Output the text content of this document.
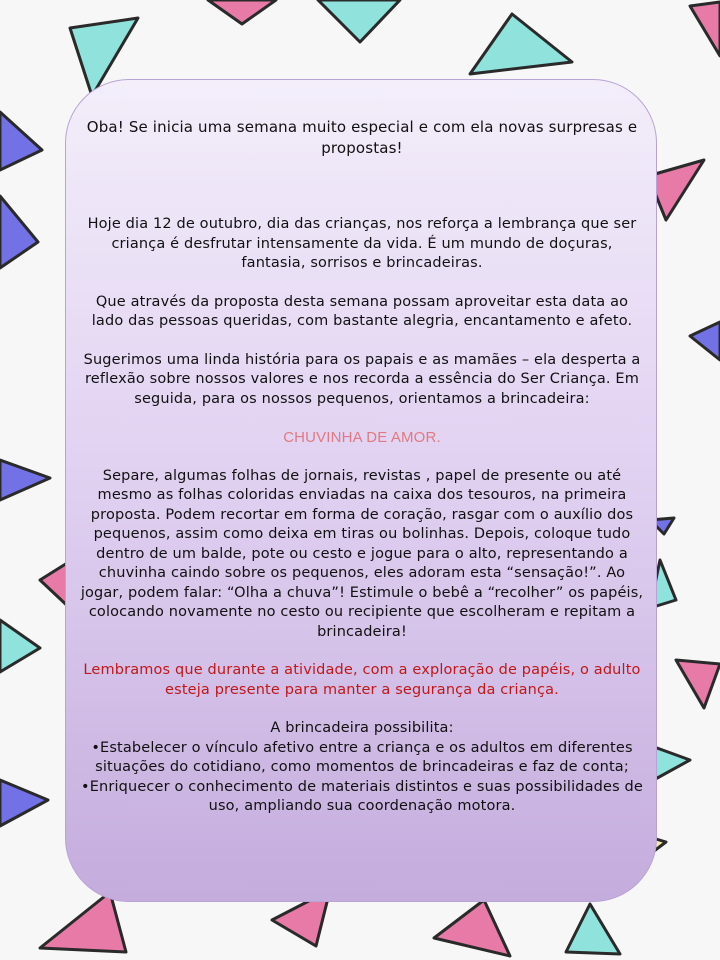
Oba! Se inicia uma semana muito especial e com ela novas surpresas e propostas!

Hoje dia 12 de outubro, dia das crianças, nos reforça a lembrança que ser criança é desfrutar intensamente da vida. É um mundo de doçuras, fantasia, sorrisos e brincadeiras.

Que através da proposta desta semana possam aproveitar esta data ao lado das pessoas queridas, com bastante alegria, encantamento e afeto.

Sugerimos uma linda história para os papais e as mamães – ela desperta a reflexão sobre nossos valores e nos recorda a essência do Ser Criança. Em seguida, para os nossos pequenos, orientamos a brincadeira:

CHUVINHA DE AMOR.

Separe, algumas folhas de jornais, revistas , papel de presente ou até mesmo as folhas coloridas enviadas na caixa dos tesouros, na primeira proposta. Podem recortar em forma de coração, rasgar com o auxílio dos pequenos, assim como deixa em tiras ou bolinhas. Depois, coloque tudo dentro de um balde, pote ou cesto e jogue para o alto, representando a chuvinha caindo sobre os pequenos, eles adoram esta “sensação!”. Ao jogar, podem falar: “Olha a chuva”! Estimule o bebê a “recolher” os papéis, colocando novamente no cesto ou recipiente que escolheram e repitam a brincadeira!

Lembramos que durante a atividade, com a exploração de papéis, o adulto esteja presente para manter a segurança da criança.

A brincadeira possibilita:

•Estabelecer o vínculo afetivo entre a criança e os adultos em diferentes situações do cotidiano, como momentos de brincadeiras e faz de conta;

•Enriquecer o conhecimento de materiais distintos e suas possibilidades de uso, ampliando sua coordenação motora.
